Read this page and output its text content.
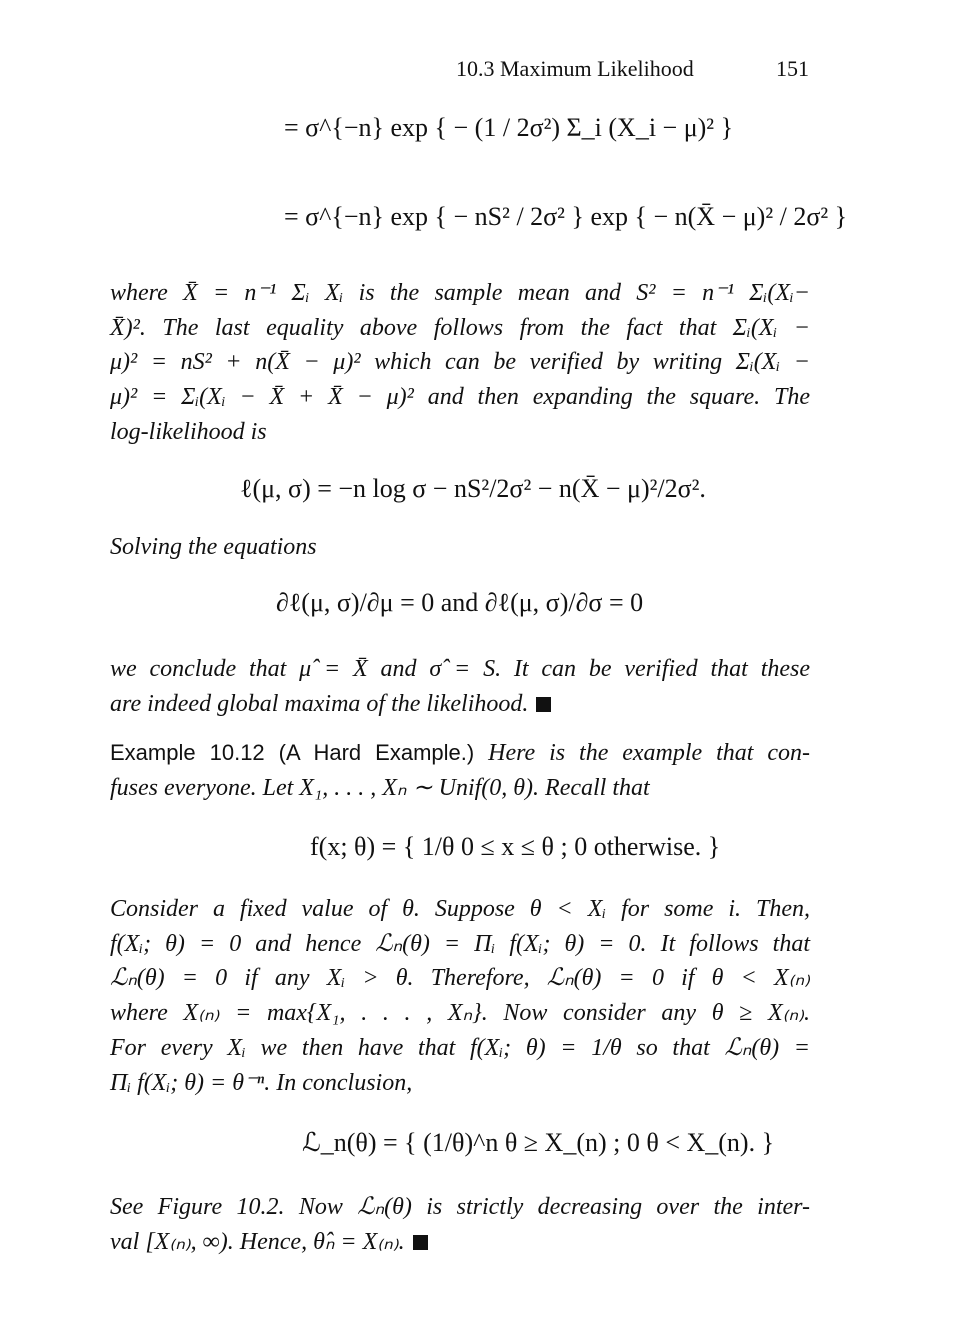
10.3 Maximum Likelihood	151
= σ^{−n} exp { − (1 / 2σ²) Σ_i (X_i − μ)² }
= σ^{−n} exp { − nS² / 2σ² } exp { − n(X̄ − μ)² / 2σ² }
where X̄ = n⁻¹ Σᵢ Xᵢ is the sample mean and S² = n⁻¹ Σᵢ(Xᵢ−
X̄)². The last equality above follows from the fact that Σᵢ(Xᵢ −
μ)² = nS² + n(X̄ − μ)² which can be verified by writing Σᵢ(Xᵢ −
μ)² = Σᵢ(Xᵢ − X̄ + X̄ − μ)² and then expanding the square. The
log-likelihood is
ℓ(μ, σ) = −n log σ − nS²/2σ² − n(X̄ − μ)²/2σ².
Solving the equations
∂ℓ(μ, σ)/∂μ = 0 and ∂ℓ(μ, σ)/∂σ = 0
we conclude that μ̂ = X̄ and σ̂ = S. It can be verified that these
are indeed global maxima of the likelihood.
Example 10.12 (A Hard Example.) Here is the example that con-
fuses everyone. Let X₁, . . . , Xₙ ∼ Unif(0, θ). Recall that
f(x; θ) = { 1/θ 0 ≤ x ≤ θ ; 0 otherwise. }
Consider a fixed value of θ. Suppose θ < Xᵢ for some i. Then,
f(Xᵢ; θ) = 0 and hence ℒₙ(θ) = Πᵢ f(Xᵢ; θ) = 0. It follows that
ℒₙ(θ) = 0 if any Xᵢ > θ. Therefore, ℒₙ(θ) = 0 if θ < X₍ₙ₎
where X₍ₙ₎ = max{X₁, . . . , Xₙ}. Now consider any θ ≥ X₍ₙ₎.
For every Xᵢ we then have that f(Xᵢ; θ) = 1/θ so that ℒₙ(θ) =
Πᵢ f(Xᵢ; θ) = θ⁻ⁿ. In conclusion,
ℒ_n(θ) = { (1/θ)^n θ ≥ X_(n) ; 0 θ < X_(n). }
See Figure 10.2. Now ℒₙ(θ) is strictly decreasing over the inter-
val [X₍ₙ₎, ∞). Hence, θ̂ₙ = X₍ₙ₎.
